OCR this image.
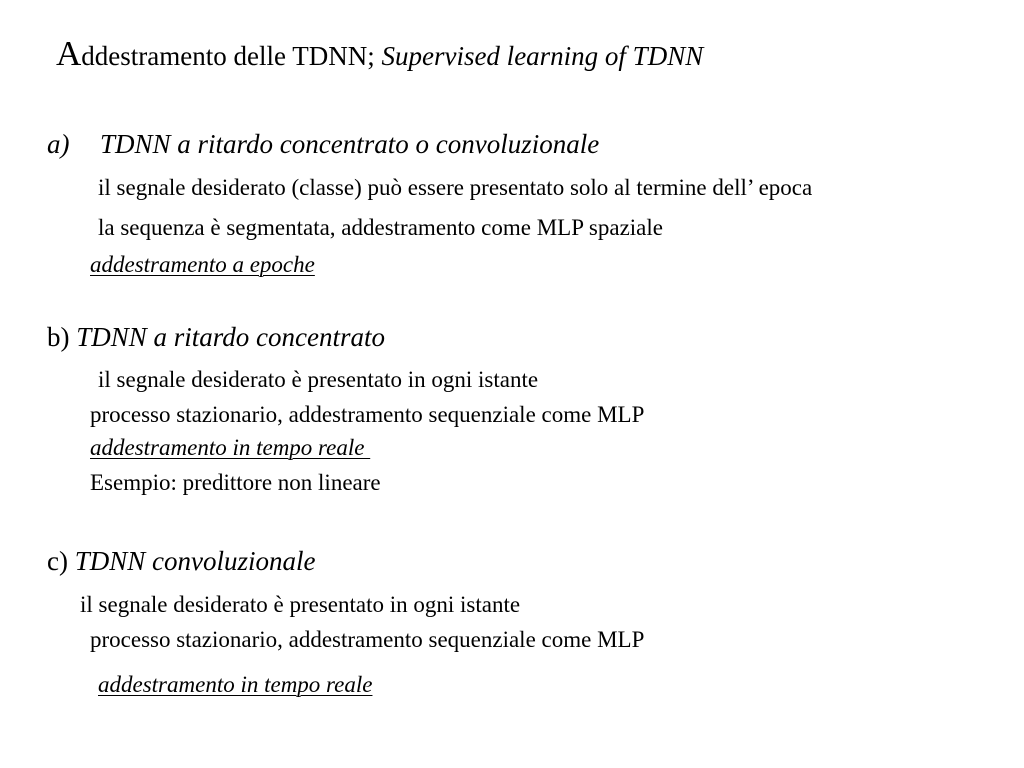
Addestramento delle TDNN; Supervised learning of TDNN
a) TDNN a ritardo concentrato o convoluzionale
il segnale desiderato (classe) può essere presentato solo al termine dell’ epoca
la sequenza è segmentata, addestramento come MLP spaziale
addestramento a epoche
b) TDNN a ritardo concentrato
il segnale desiderato è presentato in ogni istante
processo stazionario, addestramento sequenziale come MLP
addestramento in tempo reale
Esempio: predittore non lineare
c) TDNN convoluzionale
il segnale desiderato è presentato in ogni istante
processo stazionario, addestramento sequenziale come MLP
addestramento in tempo reale
